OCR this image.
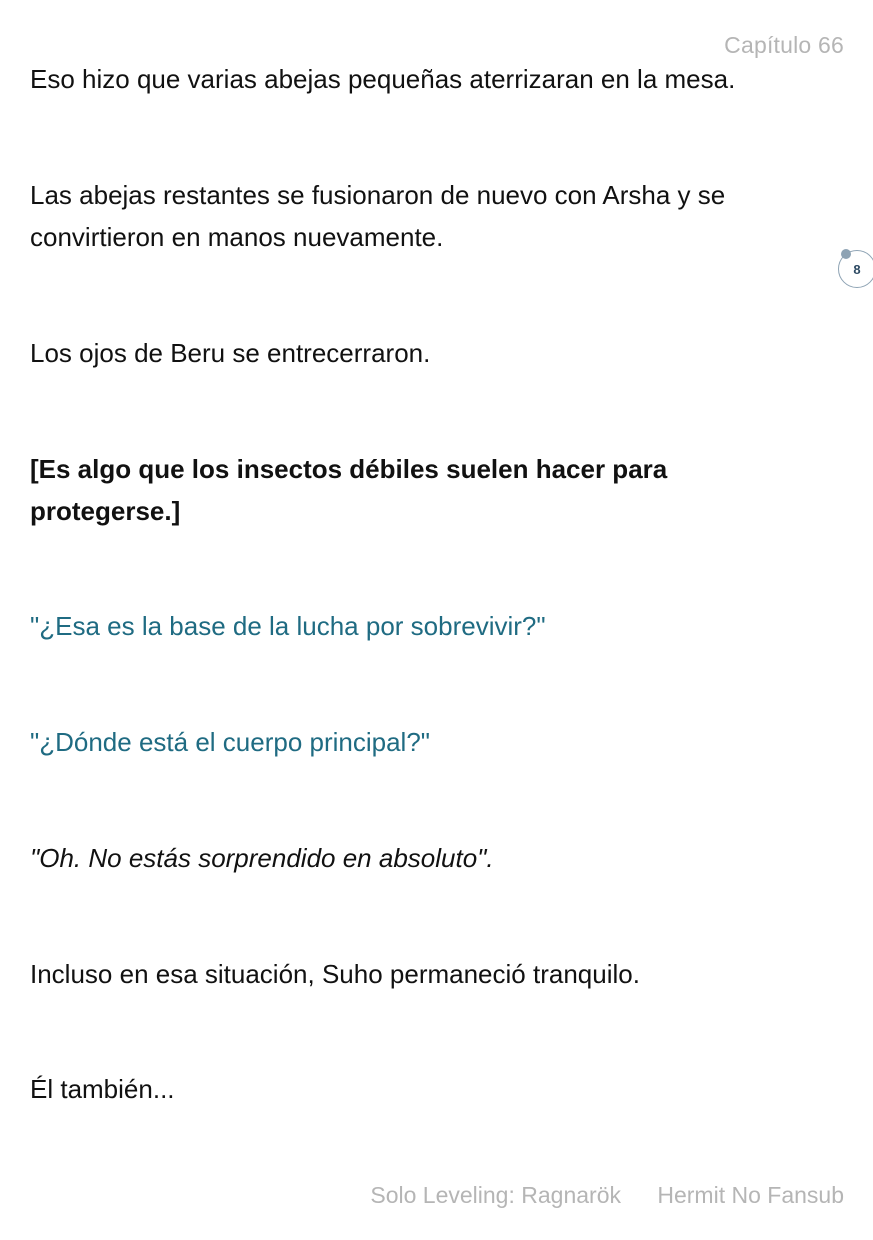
Capítulo 66

Eso hizo que varias abejas pequeñas aterrizaran en la mesa.

Las abejas restantes se fusionaron de nuevo con Arsha y se convirtieron en manos nuevamente.

Los ojos de Beru se entrecerraron.

[Es algo que los insectos débiles suelen hacer para protegerse.]

"¿Esa es la base de la lucha por sobrevivir?"

"¿Dónde está el cuerpo principal?"

"Oh. No estás sorprendido en absoluto".

Incluso en esa situación, Suho permaneció tranquilo.

Él también...

8
Solo Leveling: Ragnarök Hermit No Fansub
